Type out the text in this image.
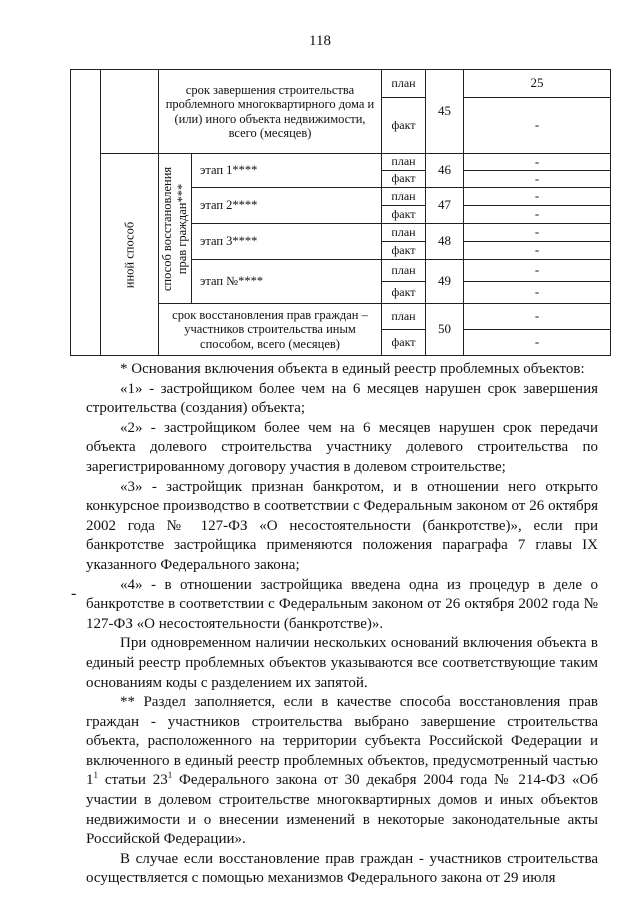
118
		срок завершения строительства проблемного многоквартирного дома и (или) иного объекта недвижимости, всего (месяцев)		план	45	25
				факт		-

	иной способ	способ восстановления прав граждан***	этап 1****	план	46	-
				факт		-
			этап 2****	план	47	-
				факт		-
			этап 3****	план	48	-
				факт		-
			этап №****	план	49	-

				факт		-

		срок восстановления прав граждан – участников строительства иным способом, всего (месяцев)		план	50	-
				факт		-

* Основания включения объекта в единый реестр проблемных объектов:

«1» - застройщиком более чем на 6 месяцев нарушен срок завершения строительства (создания) объекта;

«2» - застройщиком более чем на 6 месяцев нарушен срок передачи объекта долевого строительства участнику долевого строительства по зарегистрированному договору участия в долевом строительстве;

«3» - застройщик признан банкротом, и в отношении него открыто конкурсное производство в соответствии с Федеральным законом от 26 октября 2002 года № 127-ФЗ «О несостоятельности (банкротстве)», если при банкротстве застройщика применяются положения параграфа 7 главы IX указанного Федерального закона;

«4» - в отношении застройщика введена одна из процедур в деле о банкротстве в соответствии с Федеральным законом от 26 октября 2002 года № 127-ФЗ «О несостоятельности (банкротстве)».

При одновременном наличии нескольких оснований включения объекта в единый реестр проблемных объектов указываются все соответствующие таким основаниям коды с разделением их запятой.

** Раздел заполняется, если в качестве способа восстановления прав граждан - участников строительства выбрано завершение строительства объекта, расположенного на территории субъекта Российской Федерации и включенного в единый реестр проблемных объектов, предусмотренный частью $1^1$ статьи $23^1$ Федерального закона от 30 декабря 2004 года № 214-ФЗ «Об участии в долевом строительстве многоквартирных домов и иных объектов недвижимости и о внесении изменений в некоторые законодательные акты Российской Федерации».

В случае если восстановление прав граждан - участников строительства осуществляется с помощью механизмов Федерального закона от 29 июля

-
